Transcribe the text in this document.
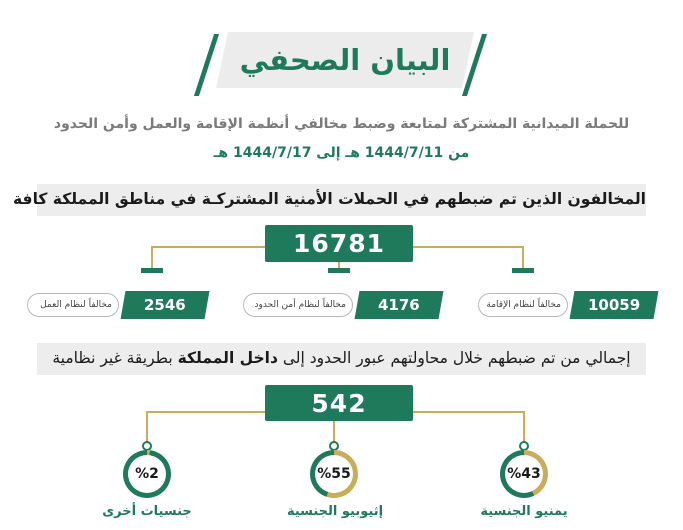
البيان الصحفي
للحملة الميدانية المشتركة لمتابعة وضبط مخالفي أنظمة الإقامة والعمل وأمن الحدود
من 1444/7/11 هـ إلى 1444/7/17 هـ
المخالفون الذين تم ضبطهم في الحملات الأمنية المشتركـة في مناطق المملكة كافة
16781
مخالفاً لنظام الإقامة 10059
مخالفاً لنظام أمن الحدود 4176
مخالفاً لنظام العمل 2546
إجمالي من تم ضبطهم خلال محاولتهم عبور الحدود إلى داخل المملكة بطريقة غير نظامية
542
%43
%55
%2
يمنيو الجنسية
إثيوبيو الجنسية
جنسيات أخرى
